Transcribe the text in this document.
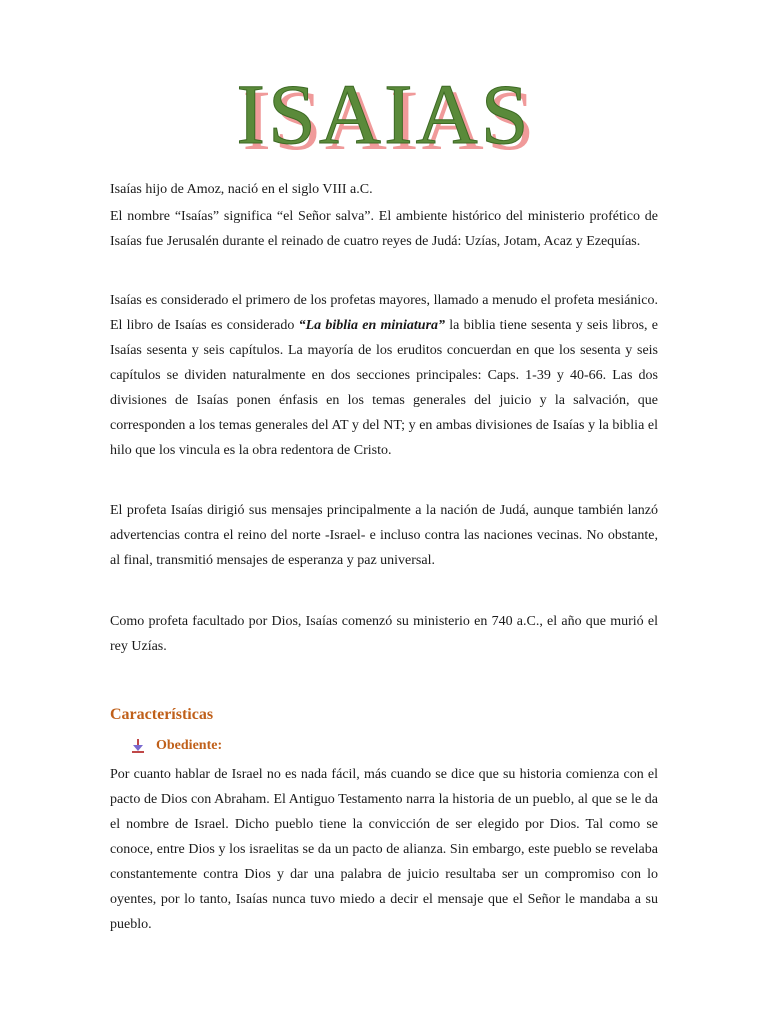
ISAIAS

Isaías hijo de Amoz, nació en el siglo VIII a.C.

El nombre “Isaías” significa “el Señor salva”. El ambiente histórico del ministerio profético de Isaías fue Jerusalén durante el reinado de cuatro reyes de Judá: Uzías, Jotam, Acaz y Ezequías.

Isaías es considerado el primero de los profetas mayores, llamado a menudo el profeta mesiánico. El libro de Isaías es considerado “La biblia en miniatura” la biblia tiene sesenta y seis libros, e Isaías sesenta y seis capítulos. La mayoría de los eruditos concuerdan en que los sesenta y seis capítulos se dividen naturalmente en dos secciones principales: Caps. 1-39 y 40-66. Las dos divisiones de Isaías ponen énfasis en los temas generales del juicio y la salvación, que corresponden a los temas generales del AT y del NT; y en ambas divisiones de Isaías y la biblia el hilo que los vincula es la obra redentora de Cristo.

El profeta Isaías dirigió sus mensajes principalmente a la nación de Judá, aunque también lanzó advertencias contra el reino del norte -Israel- e incluso contra las naciones vecinas. No obstante, al final, transmitió mensajes de esperanza y paz universal.

Como profeta facultado por Dios, Isaías comenzó su ministerio en 740 a.C., el año que murió el rey Uzías.

Características
Obediente:

Por cuanto hablar de Israel no es nada fácil, más cuando se dice que su historia comienza con el pacto de Dios con Abraham. El Antiguo Testamento narra la historia de un pueblo, al que se le da el nombre de Israel. Dicho pueblo tiene la convicción de ser elegido por Dios. Tal como se conoce, entre Dios y los israelitas se da un pacto de alianza. Sin embargo, este pueblo se revelaba constantemente contra Dios y dar una palabra de juicio resultaba ser un compromiso con lo oyentes, por lo tanto, Isaías nunca tuvo miedo a decir el mensaje que el Señor le mandaba a su pueblo.
